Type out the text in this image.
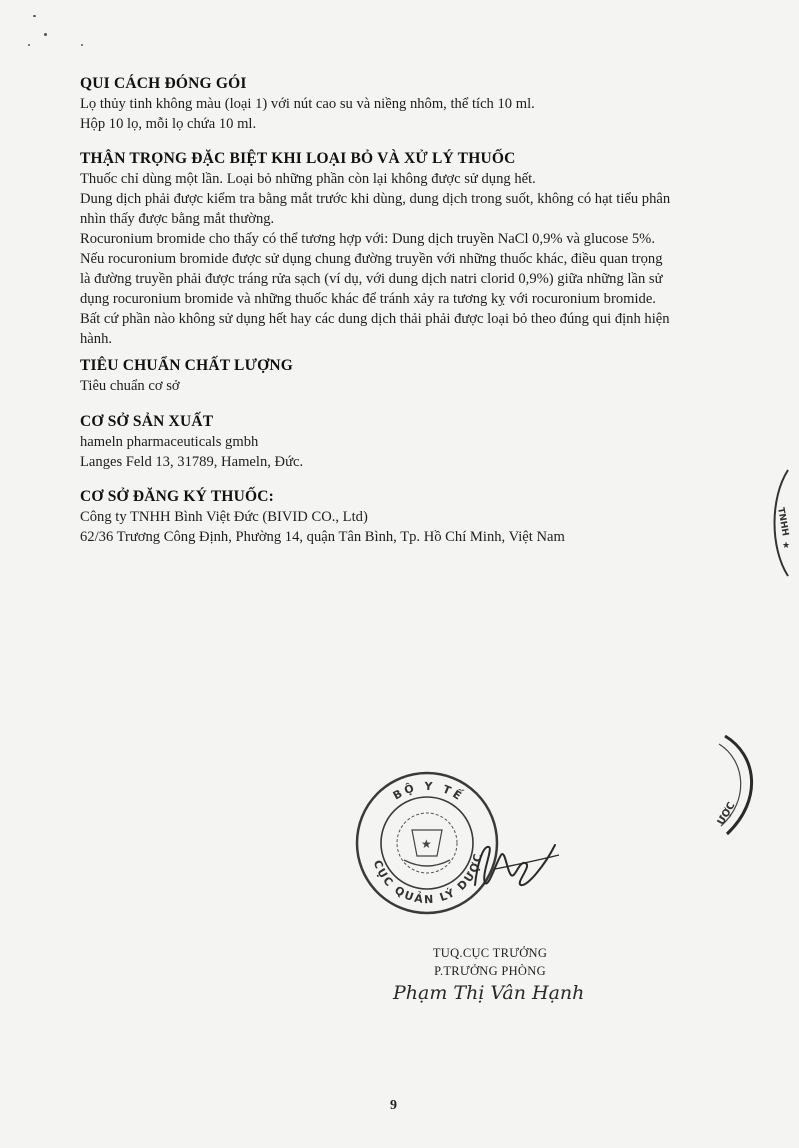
QUI CÁCH ĐÓNG GÓI

Lọ thủy tinh không màu (loại 1) với nút cao su và niềng nhôm, thể tích 10 ml.

Hộp 10 lọ, mỗi lọ chứa 10 ml.

THẬN TRỌNG ĐẶC BIỆT KHI LOẠI BỎ VÀ XỬ LÝ THUỐC

Thuốc chỉ dùng một lần. Loại bỏ những phần còn lại không được sử dụng hết.

Dung dịch phải được kiểm tra bằng mắt trước khi dùng, dung dịch trong suốt, không có hạt tiểu phân

nhìn thấy được bằng mắt thường.

Rocuronium bromide cho thấy có thể tương hợp với: Dung dịch truyền NaCl 0,9% và glucose 5%.

Nếu rocuronium bromide được sử dụng chung đường truyền với những thuốc khác, điều quan trọng

là đường truyền phải được tráng rửa sạch (ví dụ, với dung dịch natri clorid 0,9%) giữa những lần sử

dụng rocuronium bromide và những thuốc khác để tránh xảy ra tương kỵ với rocuronium bromide.

Bất cứ phần nào không sử dụng hết hay các dung dịch thải phải được loại bỏ theo đúng qui định hiện

hành.

TIÊU CHUẨN CHẤT LƯỢNG

Tiêu chuẩn cơ sở

CƠ SỞ SẢN XUẤT

hameln pharmaceuticals gmbh

Langes Feld 13, 31789, Hameln, Đức.

CƠ SỞ ĐĂNG KÝ THUỐC:

Công ty TNHH Bình Việt Đức (BIVID CO., Ltd)

62/36 Trương Công Định, Phường 14, quận Tân Bình, Tp. Hồ Chí Minh, Việt Nam

TNHH
★
ƯỢC
BỘ Y TẾ
CỤC QUẢN LÝ DƯỢC
★

TUQ.CỤC TRƯỞNG

P.TRƯỞNG PHÒNG

Phạm Thị Vân Hạnh
9
